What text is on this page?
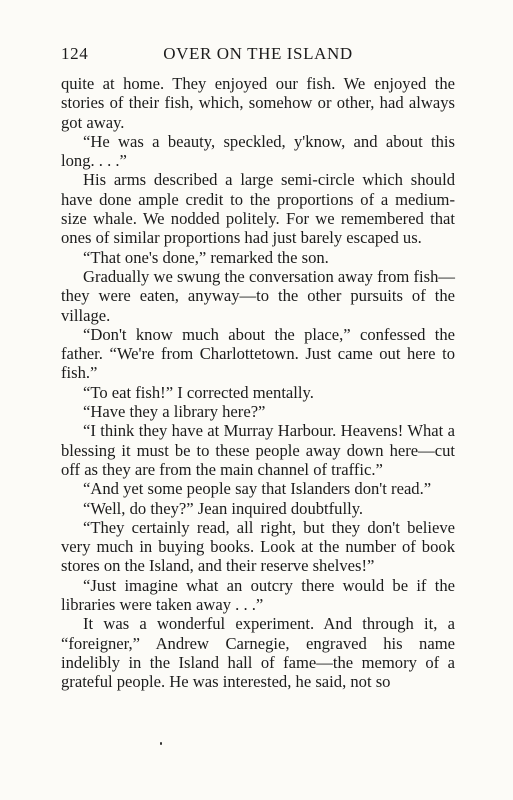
124	OVER ON THE ISLAND

quite at home. They enjoyed our fish. We enjoyed the stories of their fish, which, somehow or other, had always got away.

“He was a beauty, speckled, y'know, and about this long. . . .”

His arms described a large semi-circle which should have done ample credit to the proportions of a medium-size whale. We nodded politely. For we remembered that ones of similar proportions had just barely escaped us.

“That one's done,” remarked the son.

Gradually we swung the conversation away from fish—they were eaten, anyway—to the other pursuits of the village.

“Don't know much about the place,” confessed the father. “We're from Charlottetown. Just came out here to fish.”

“To eat fish!” I corrected mentally.

“Have they a library here?”

“I think they have at Murray Harbour. Heavens! What a blessing it must be to these people away down here—cut off as they are from the main channel of traffic.”

“And yet some people say that Islanders don't read.”

“Well, do they?” Jean inquired doubtfully.

“They certainly read, all right, but they don't believe very much in buying books. Look at the number of book stores on the Island, and their reserve shelves!”

“Just imagine what an outcry there would be if the libraries were taken away . . .”

It was a wonderful experiment. And through it, a “foreigner,” Andrew Carnegie, engraved his name indelibly in the Island hall of fame—the memory of a grateful people. He was interested, he said, not so
